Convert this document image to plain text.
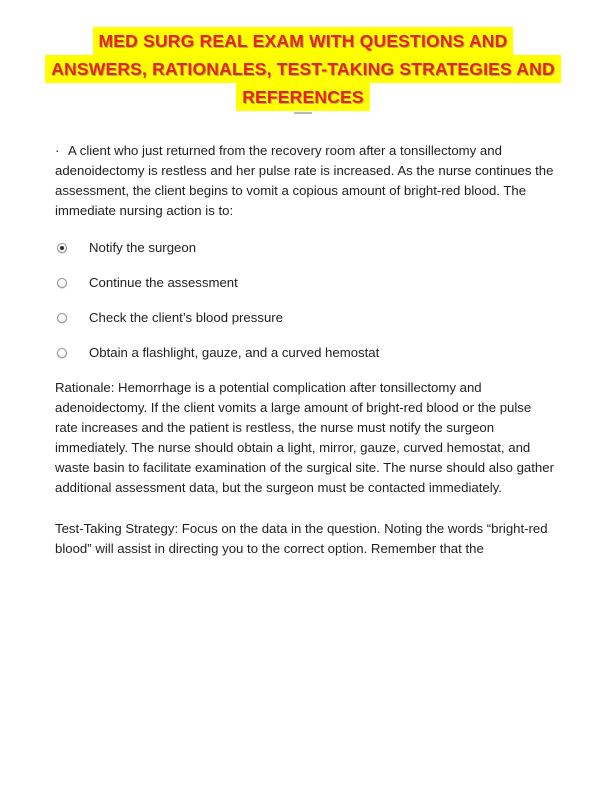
MED SURG REAL EXAM WITH QUESTIONS AND
ANSWERS, RATIONALES, TEST-TAKING STRATEGIES AND
REFERENCES

· A client who just returned from the recovery room after a tonsillectomy and adenoidectomy is restless and her pulse rate is increased. As the nurse continues the assessment, the client begins to vomit a copious amount of bright-red blood. The immediate nursing action is to:

Notify the surgeon
Continue the assessment
Check the client’s blood pressure
Obtain a flashlight, gauze, and a curved hemostat

Rationale: Hemorrhage is a potential complication after tonsillectomy and adenoidectomy. If the client vomits a large amount of bright-red blood or the pulse rate increases and the patient is restless, the nurse must notify the surgeon immediately. The nurse should obtain a light, mirror, gauze, curved hemostat, and waste basin to facilitate examination of the surgical site. The nurse should also gather additional assessment data, but the surgeon must be contacted immediately.

Test-Taking Strategy: Focus on the data in the question. Noting the words “bright-red blood” will assist in directing you to the correct option. Remember that the
